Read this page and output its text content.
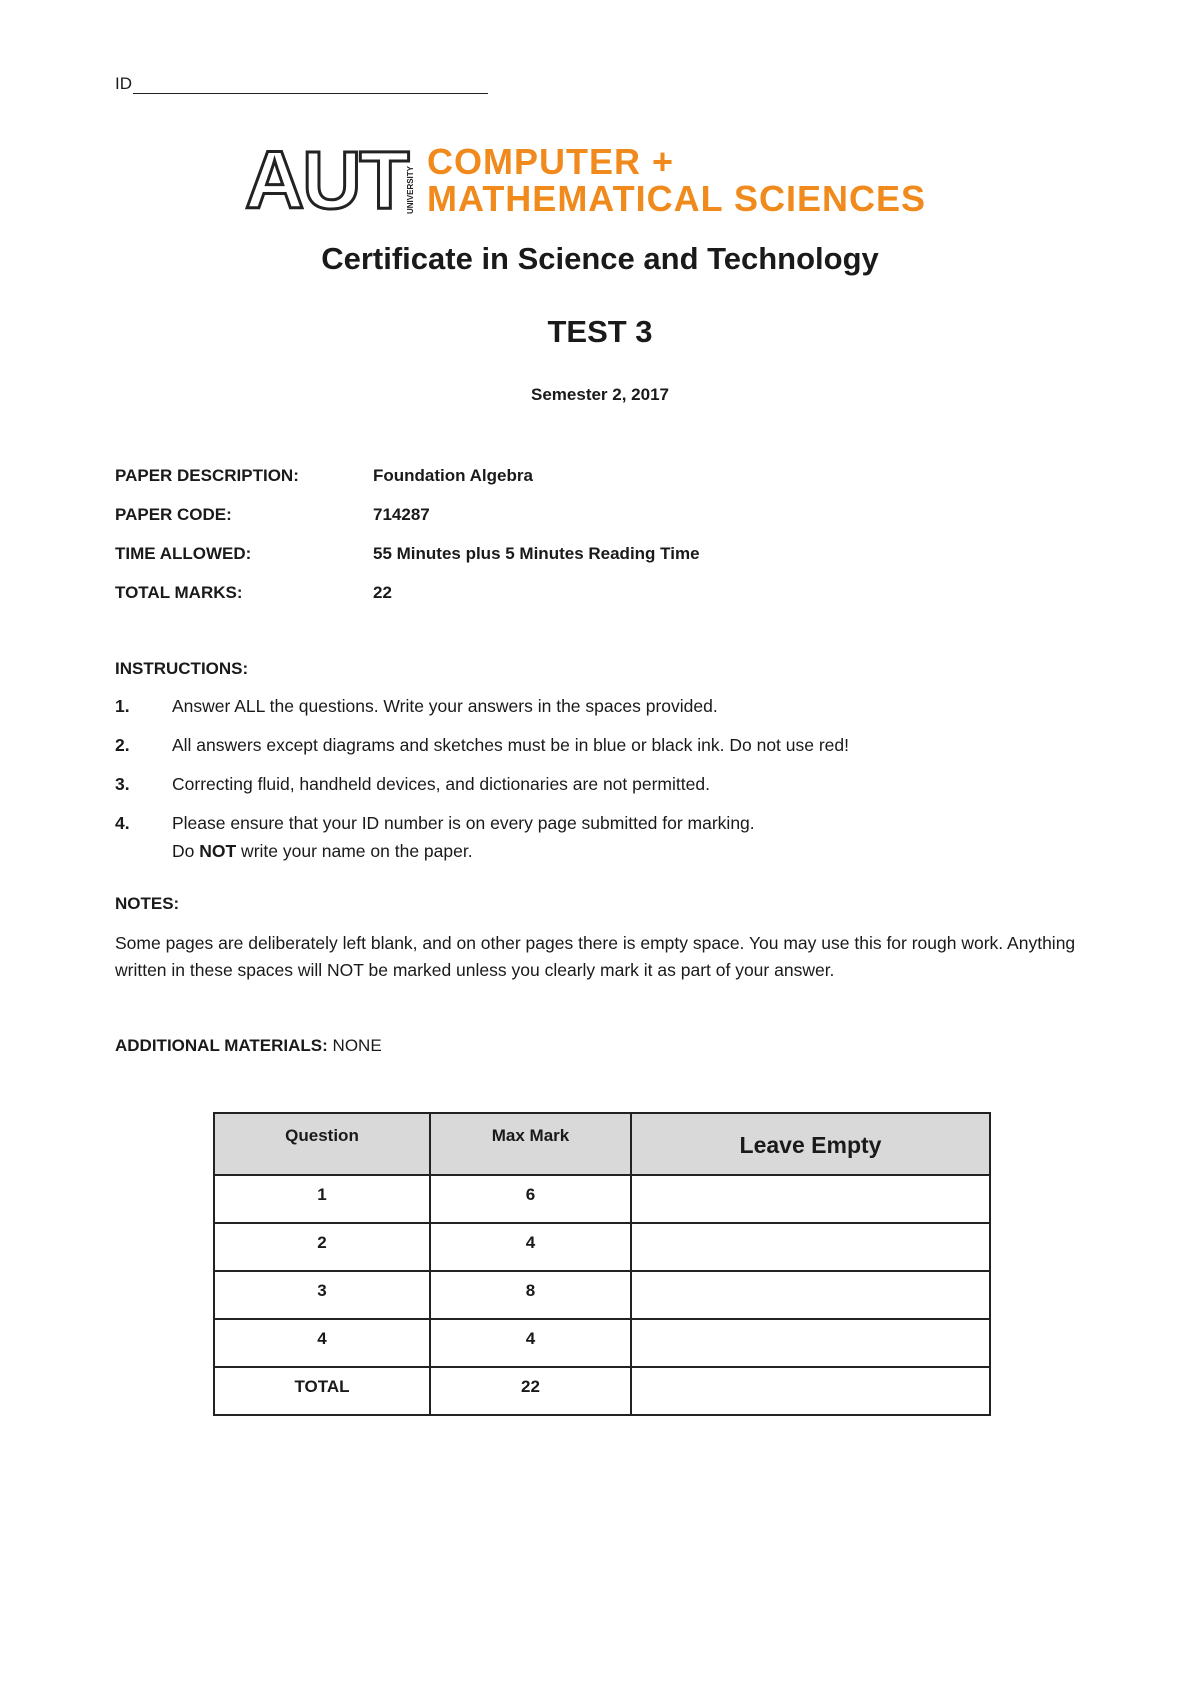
ID
AUT
UNIVERSITY
COMPUTER +
MATHEMATICAL SCIENCES
Certificate in Science and Technology
TEST 3
Semester 2, 2017
PAPER DESCRIPTION:	Foundation Algebra
PAPER CODE:	714287
TIME ALLOWED:	55 Minutes plus 5 Minutes Reading Time
TOTAL MARKS:	22
INSTRUCTIONS:
1.	Answer ALL the questions. Write your answers in the spaces provided.
2.	All answers except diagrams and sketches must be in blue or black ink. Do not use red!
3.	Correcting fluid, handheld devices, and dictionaries are not permitted.
4.	Please ensure that your ID number is on every page submitted for marking.
Do NOT write your name on the paper.
NOTES:
Some pages are deliberately left blank, and on other pages there is empty space. You may use this for rough work. Anything written in these spaces will NOT be marked unless you clearly mark it as part of your answer.
ADDITIONAL MATERIALS: NONE
Question	Max Mark	Leave Empty

1	6	

2	4	

3	8	

4	4	

TOTAL	22	
